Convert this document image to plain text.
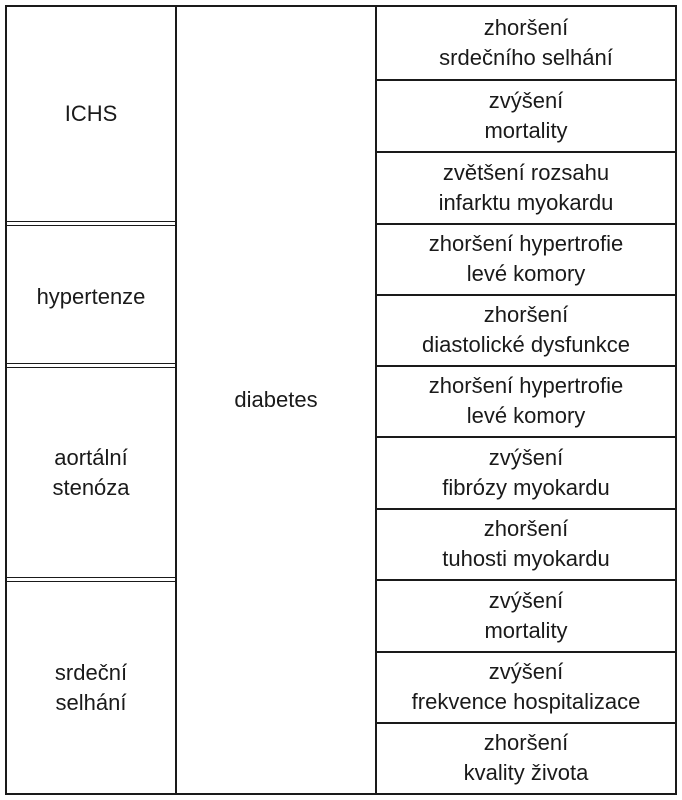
ICHS
hypertenze
aortální
stenóza
srdeční
selhání
diabetes
zhoršení
srdečního selhání
zvýšení
mortality
zvětšení rozsahu
infarktu myokardu
zhoršení hypertrofie
levé komory
zhoršení
diastolické dysfunkce
zhoršení hypertrofie
levé komory
zvýšení
fibrózy myokardu
zhoršení
tuhosti myokardu
zvýšení
mortality
zvýšení
frekvence hospitalizace
zhoršení
kvality života
